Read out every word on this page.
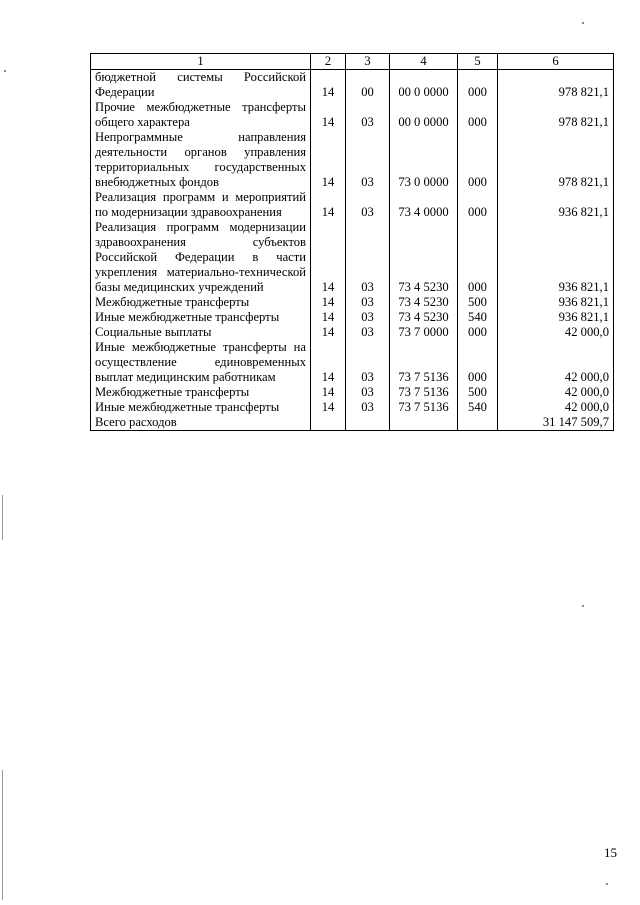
1	2	3	4	5	6
бюджетной системы Российской Федерации	14	00	00 0 0000	000	978 821,1
Прочие межбюджетные трансферты общего характера	14	03	00 0 0000	000	978 821,1
Непрограммные направления деятельности органов управления территориальных государственных внебюджетных фондов	14	03	73 0 0000	000	978 821,1
Реализация программ и мероприятий по модернизации здравоохранения	14	03	73 4 0000	000	936 821,1
Реализация программ модернизации здравоохранения субъектов Российской Федерации в части укрепления материально-технической базы медицинских учреждений	14	03	73 4 5230	000	936 821,1
Межбюджетные трансферты	14	03	73 4 5230	500	936 821,1
Иные межбюджетные трансферты	14	03	73 4 5230	540	936 821,1
Социальные выплаты	14	03	73 7 0000	000	42 000,0
Иные межбюджетные трансферты на осуществление единовременных выплат медицинским работникам	14	03	73 7 5136	000	42 000,0
Межбюджетные трансферты	14	03	73 7 5136	500	42 000,0
Иные межбюджетные трансферты	14	03	73 7 5136	540	42 000,0
Всего расходов					31 147 509,7
15
